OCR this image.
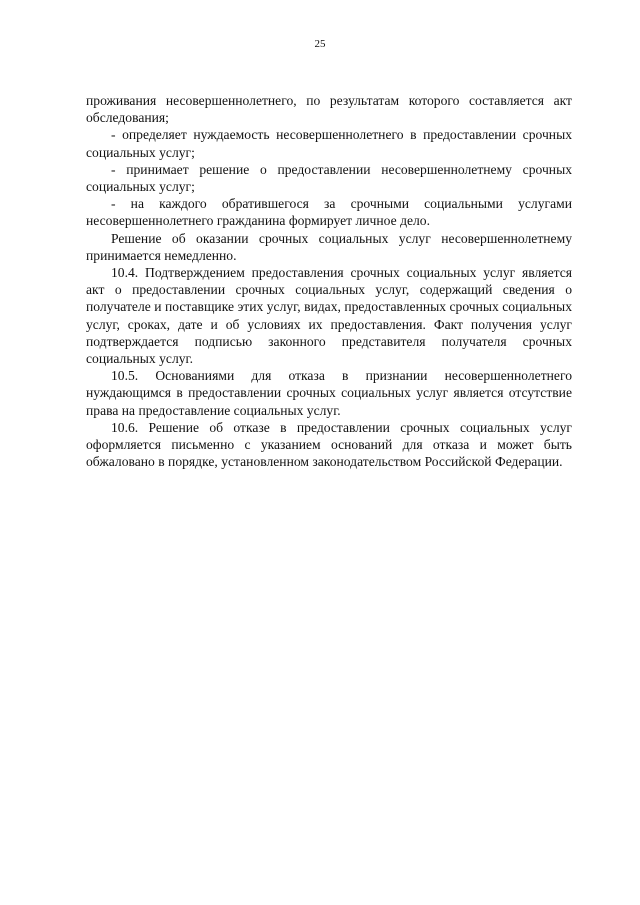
25

проживания несовершеннолетнего, по результатам которого составляется акт обследования;

- определяет нуждаемость несовершеннолетнего в предоставлении срочных социальных услуг;

- принимает решение о предоставлении несовершеннолетнему срочных социальных услуг;

- на каждого обратившегося за срочными социальными услугами несовершеннолетнего гражданина формирует личное дело.

Решение об оказании срочных социальных услуг несовершеннолетнему принимается немедленно.

10.4. Подтверждением предоставления срочных социальных услуг является акт о предоставлении срочных социальных услуг, содержащий сведения о получателе и поставщике этих услуг, видах, предоставленных срочных социальных услуг, сроках, дате и об условиях их предоставления. Факт получения услуг подтверждается подписью законного представителя получателя срочных социальных услуг.

10.5. Основаниями для отказа в признании несовершеннолетнего нуждающимся в предоставлении срочных социальных услуг является отсутствие права на предоставление социальных услуг.

10.6. Решение об отказе в предоставлении срочных социальных услуг оформляется письменно с указанием оснований для отказа и может быть обжаловано в порядке, установленном законодательством Российской Федерации.
